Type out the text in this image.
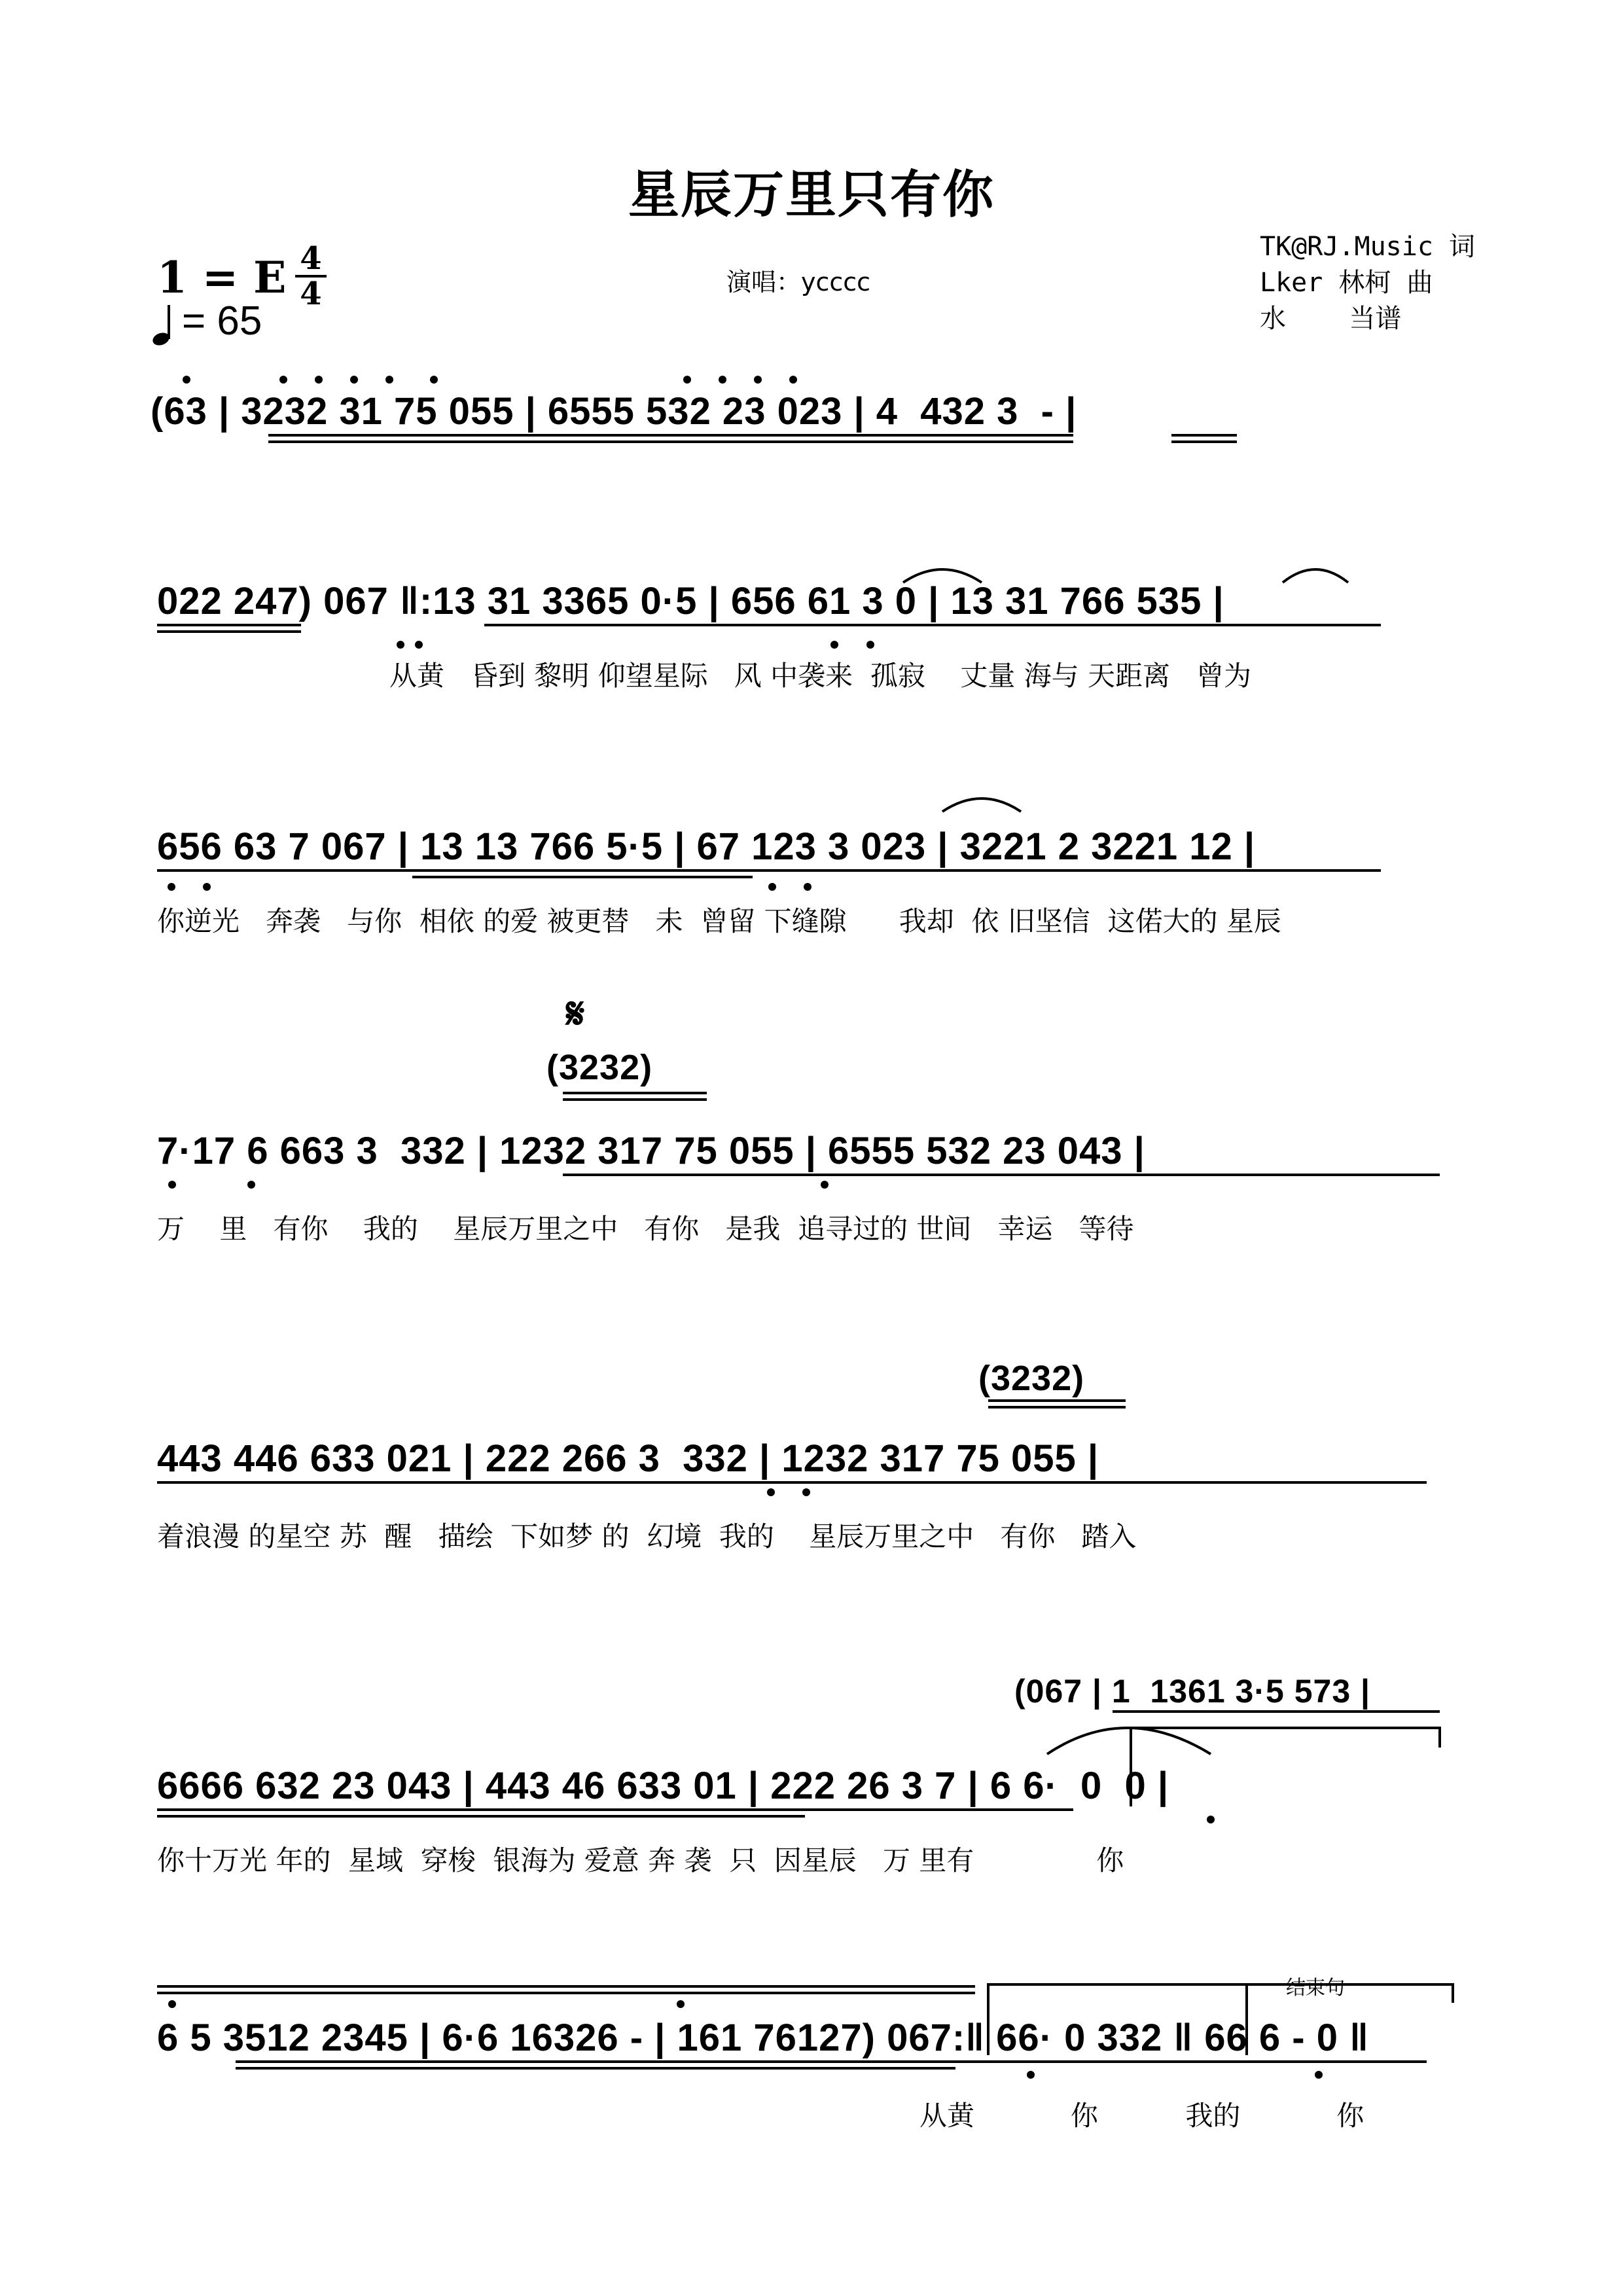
星辰万里只有你
TK@RJ.Music 词
Lker 林柯 曲
水    当谱
演唱：ycccc
1 = E 4
4
= 65
(63 | 3232 31 75 055 | 6555 532 23 023 | 4  432 3  - |
022 247) 067 ‖:13 31 3365 0·5 | 656 61 3 0 | 13 31 766 535 |
从黄   昏到 黎明 仰望星际   风 中袭来  孤寂    丈量 海与 天距离   曾为
656 63 7 067 | 13 13 766 5·5 | 67 123 3 023 | 3221 2 3221 12 |
你逆光   奔袭   与你  相依 的爱 被更替   未  曾留 下缝隙      我却  依 旧坚信  这偌大的 星辰
𝄋
(3232)
7·17 6 663 3  332 | 1232 317 75 055 | 6555 532 23 043 |
万    里   有你    我的    星辰万里之中   有你   是我  追寻过的 世间   幸运   等待
(3232)
443 446 633 021 | 222 266 3  332 | 1232 317 75 055 |
着浪漫 的星空 苏  醒   描绘  下如梦 的  幻境  我的    星辰万里之中   有你   踏入
(067 | 1  1361 3·5 573 |
6666 632 23 043 | 443 46 633 01 | 222 26 3 7 | 6 6·  0  0 |
你十万光 年的  星域  穿梭  银海为 爱意 奔 袭  只  因星辰   万 里有              你
结束句
6 5 3512 2345 | 6·6 16326 - | 161 76127) 067:‖ 66· 0 332 ‖ 66 6 - 0 ‖
从黄           你          我的           你
